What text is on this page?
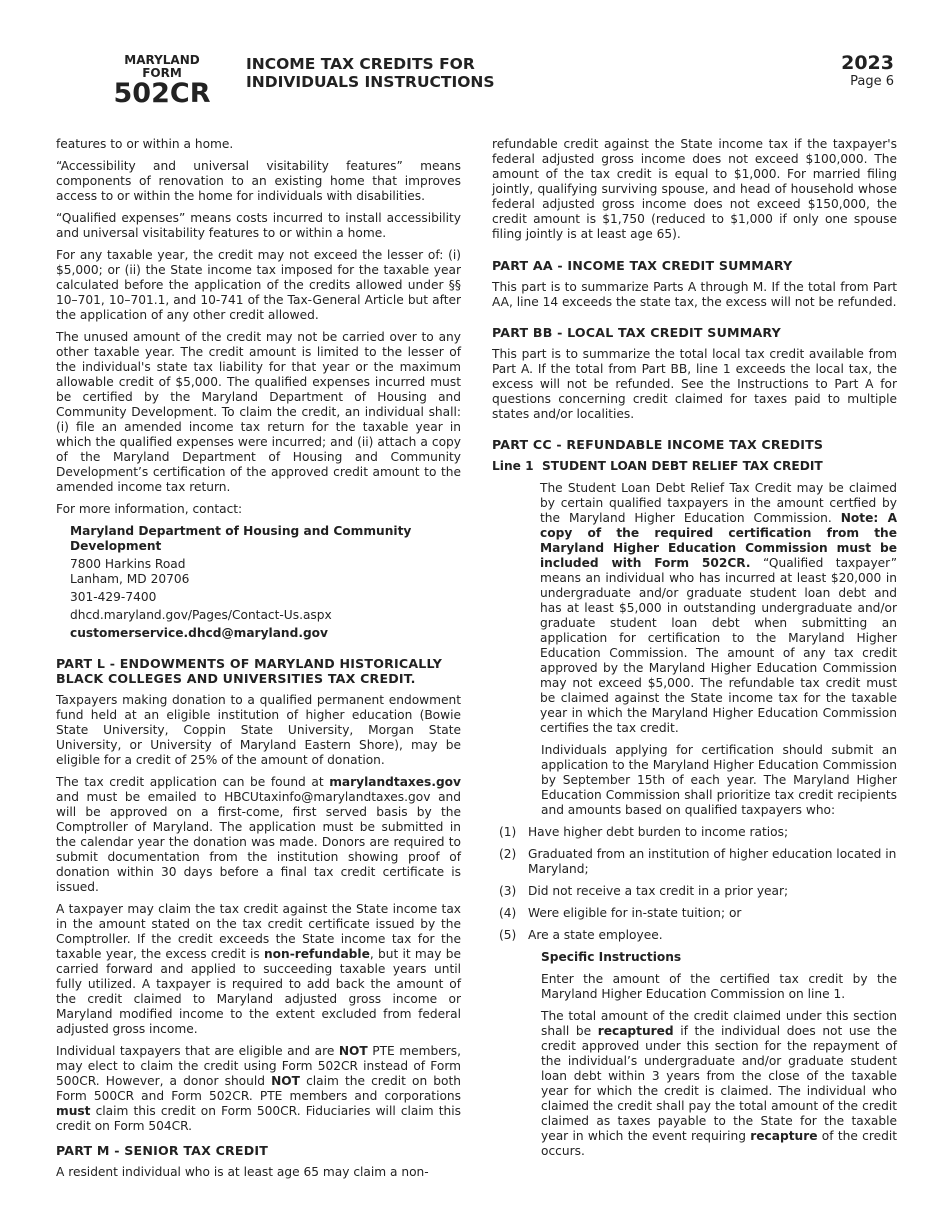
MARYLAND
FORM
502CR
INCOME TAX CREDITS FOR
INDIVIDUALS INSTRUCTIONS
2023
Page 6

features to or within a home.

“Accessibility and universal visitability features” means components of renovation to an existing home that improves access to or within the home for individuals with disabilities.

“Qualified expenses” means costs incurred to install accessibility and universal visitability features to or within a home.

For any taxable year, the credit may not exceed the lesser of: (i) $5,000; or (ii) the State income tax imposed for the taxable year calculated before the application of the credits allowed under §§ 10–701, 10–701.1, and 10-741 of the Tax-General Article but after the application of any other credit allowed.

The unused amount of the credit may not be carried over to any other taxable year. The credit amount is limited to the lesser of the individual's state tax liability for that year or the maximum allowable credit of $5,000. The qualified expenses incurred must be certified by the Maryland Department of Housing and Community Development. To claim the credit, an individual shall: (i) file an amended income tax return for the taxable year in which the qualified expenses were incurred; and (ii) attach a copy of the Maryland Department of Housing and Community Development’s certification of the approved credit amount to the amended income tax return.

For more information, contact:

Maryland Department of Housing and Community Development
7800 Harkins Road
Lanham, MD 20706
301-429-7400
dhcd.maryland.gov/Pages/Contact-Us.aspx
customerservice.dhcd@maryland.gov
PART L - ENDOWMENTS OF MARYLAND HISTORICALLY BLACK COLLEGES AND UNIVERSITIES TAX CREDIT.

Taxpayers making donation to a qualified permanent endowment fund held at an eligible institution of higher education (Bowie State University, Coppin State University, Morgan State University, or University of Maryland Eastern Shore), may be eligible for a credit of 25% of the amount of donation.

The tax credit application can be found at marylandtaxes.gov and must be emailed to HBCUtaxinfo@marylandtaxes.gov and will be approved on a first-come, first served basis by the Comptroller of Maryland. The application must be submitted in the calendar year the donation was made. Donors are required to submit documentation from the institution showing proof of donation within 30 days before a final tax credit certificate is issued.

A taxpayer may claim the tax credit against the State income tax in the amount stated on the tax credit certificate issued by the Comptroller. If the credit exceeds the State income tax for the taxable year, the excess credit is non-refundable, but it may be carried forward and applied to succeeding taxable years until fully utilized. A taxpayer is required to add back the amount of the credit claimed to Maryland adjusted gross income or Maryland modified income to the extent excluded from federal adjusted gross income.

Individual taxpayers that are eligible and are NOT PTE members, may elect to claim the credit using Form 502CR instead of Form 500CR. However, a donor should NOT claim the credit on both Form 500CR and Form 502CR. PTE members and corporations must claim this credit on Form 500CR. Fiduciaries will claim this credit on Form 504CR.

PART M - SENIOR TAX CREDIT

A resident individual who is at least age 65 may claim a non-

refundable credit against the State income tax if the taxpayer's federal adjusted gross income does not exceed $100,000. The amount of the tax credit is equal to $1,000. For married filing jointly, qualifying surviving spouse, and head of household whose federal adjusted gross income does not exceed $150,000, the credit amount is $1,750 (reduced to $1,000 if only one spouse filing jointly is at least age 65).

PART AA - INCOME TAX CREDIT SUMMARY

This part is to summarize Parts A through M. If the total from Part AA, line 14 exceeds the state tax, the excess will not be refunded.

PART BB - LOCAL TAX CREDIT SUMMARY

This part is to summarize the total local tax credit available from Part A. If the total from Part BB, line 1 exceeds the local tax, the excess will not be refunded. See the Instructions to Part A for questions concerning credit claimed for taxes paid to multiple states and/or localities.

PART CC - REFUNDABLE INCOME TAX CREDITS
Line 1 STUDENT LOAN DEBT RELIEF TAX CREDIT

The Student Loan Debt Relief Tax Credit may be claimed by certain qualified taxpayers in the amount certfied by the Maryland Higher Education Commission. Note: A copy of the required certification from the Maryland Higher Education Commission must be included with Form 502CR. “Qualified taxpayer” means an individual who has incurred at least $20,000 in undergraduate and/or graduate student loan debt and has at least $5,000 in outstanding undergraduate and/or graduate student loan debt when submitting an application for certification to the Maryland Higher Education Commission. The amount of any tax credit approved by the Maryland Higher Education Commission may not exceed $5,000. The refundable tax credit must be claimed against the State income tax for the taxable year in which the Maryland Higher Education Commission certifies the tax credit.

Individuals applying for certification should submit an application to the Maryland Higher Education Commission by September 15th of each year. The Maryland Higher Education Commission shall prioritize tax credit recipients and amounts based on qualified taxpayers who:

(1) Have higher debt burden to income ratios;
(2) Graduated from an institution of higher education located in Maryland;
(3) Did not receive a tax credit in a prior year;
(4) Were eligible for in-state tuition; or
(5) Are a state employee.

Specific Instructions

Enter the amount of the certified tax credit by the Maryland Higher Education Commission on line 1.

The total amount of the credit claimed under this section shall be recaptured if the individual does not use the credit approved under this section for the repayment of the individual’s undergraduate and/or graduate student loan debt within 3 years from the close of the taxable year for which the credit is claimed. The individual who claimed the credit shall pay the total amount of the credit claimed as taxes payable to the State for the taxable year in which the event requiring recapture of the credit occurs.
